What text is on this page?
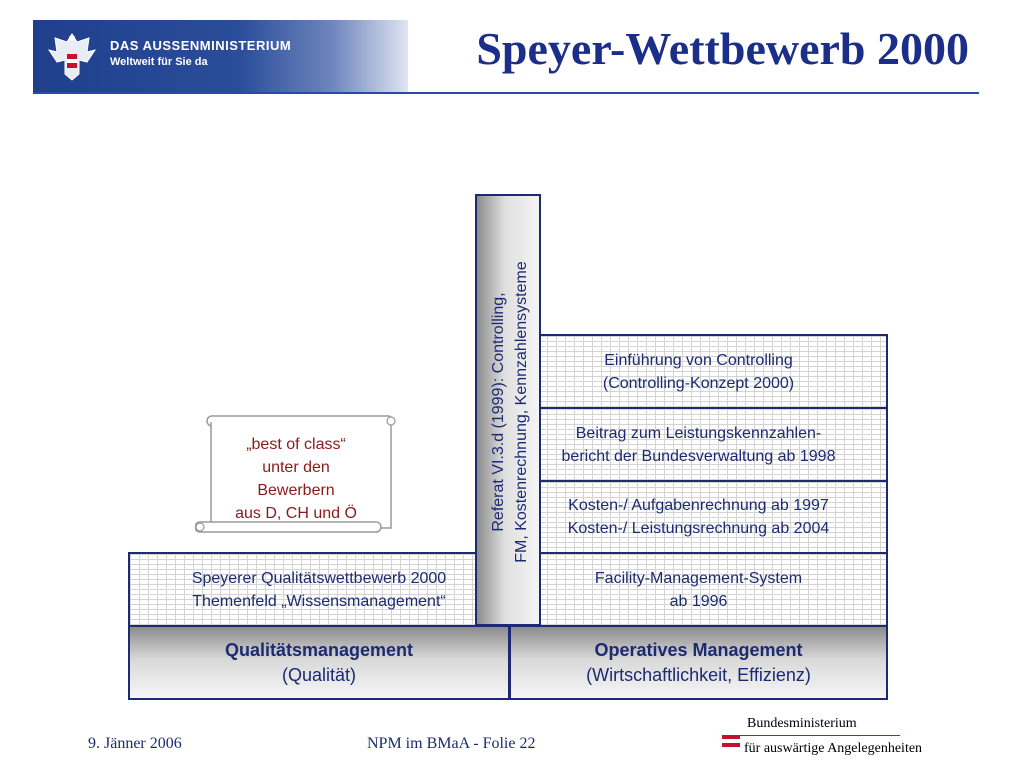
DAS AUSSENMINISTERIUM
Weltweit für Sie da	Speyer-Wettbewerb 2000
„best of class“
unter den
Bewerbern
aus D, CH und Ö
Speyerer Qualitätswettbewerb 2000
Themenfeld „Wissensmanagement“
Qualitätsmanagement
(Qualität)
Einführung von Controlling
(Controlling-Konzept 2000)
Beitrag zum Leistungskennzahlen-
bericht der Bundesverwaltung ab 1998
Kosten-/ Aufgabenrechnung ab 1997
Kosten-/ Leistungsrechnung ab 2004
Facility-Management-System
ab 1996
Operatives Management
(Wirtschaftlichkeit, Effizienz)
Referat VI.3.d (1999): Controlling, FM, Kostenrechnung, Kennzahlensysteme
9. Jänner 2006	NPM im BMaA - Folie 22
Bundesministerium
für auswärtige Angelegenheiten
